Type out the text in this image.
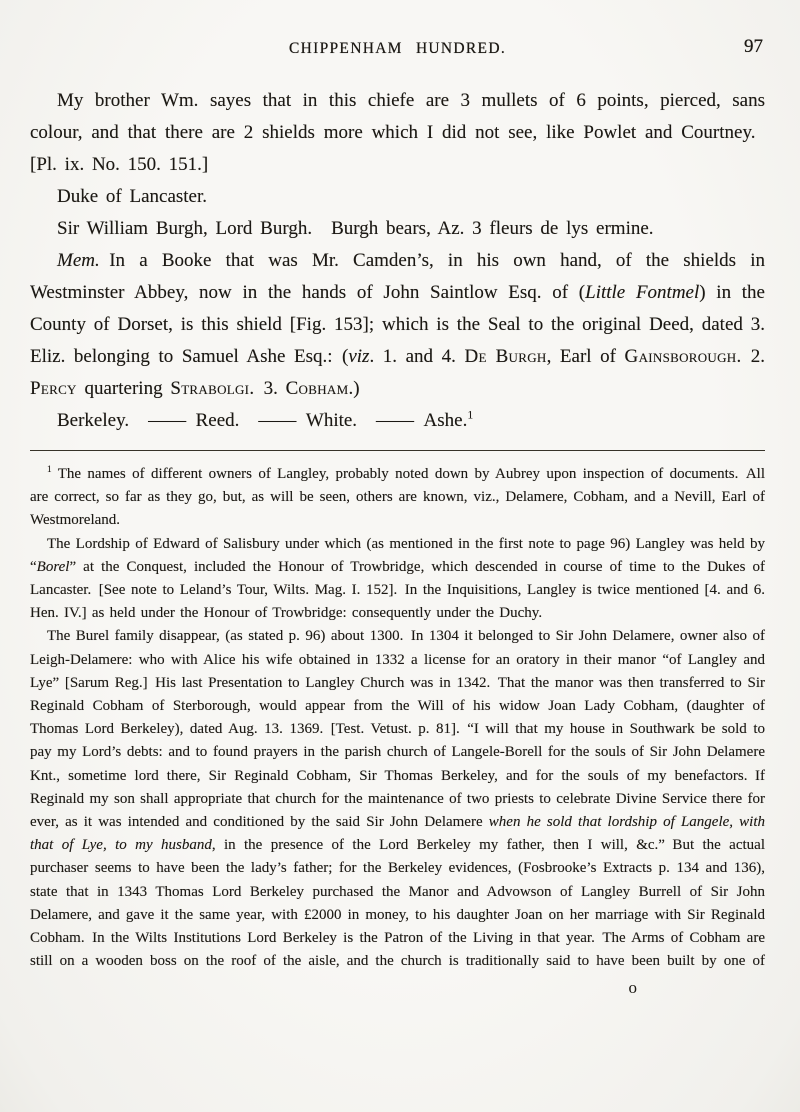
CHIPPENHAM HUNDRED.	97

My brother Wm. sayes that in this chiefe are 3 mullets of 6 points, pierced, sans colour, and that there are 2 shields more which I did not see, like Powlet and Courtney. [Pl. ix. No. 150. 151.]

Duke of Lancaster.

Sir William Burgh, Lord Burgh. Burgh bears, Az. 3 fleurs de lys ermine.

Mem. In a Booke that was Mr. Camden’s, in his own hand, of the shields in Westminster Abbey, now in the hands of John Saintlow Esq. of (Little Fontmel) in the County of Dorset, is this shield [Fig. 153]; which is the Seal to the original Deed, dated 3. Eliz. belonging to Samuel Ashe Esq.: (viz. 1. and 4. De Burgh, Earl of Gainsborough. 2. Percy quartering Strabolgi. 3. Cobham.)

Berkeley. —— Reed. —— White. —— Ashe.$^1$

$^1$ The names of different owners of Langley, probably noted down by Aubrey upon inspection of documents. All are correct, so far as they go, but, as will be seen, others are known, viz., Delamere, Cobham, and a Nevill, Earl of Westmoreland.

The Lordship of Edward of Salisbury under which (as mentioned in the first note to page 96) Langley was held by “Borel” at the Conquest, included the Honour of Trowbridge, which descended in course of time to the Dukes of Lancaster. [See note to Leland’s Tour, Wilts. Mag. I. 152]. In the Inquisitions, Langley is twice mentioned [4. and 6. Hen. IV.] as held under the Honour of Trowbridge: consequently under the Duchy.

The Burel family disappear, (as stated p. 96) about 1300. In 1304 it belonged to Sir John Delamere, owner also of Leigh-Delamere: who with Alice his wife obtained in 1332 a license for an oratory in their manor “of Langley and Lye” [Sarum Reg.] His last Presentation to Langley Church was in 1342. That the manor was then transferred to Sir Reginald Cobham of Sterborough, would appear from the Will of his widow Joan Lady Cobham, (daughter of Thomas Lord Berkeley), dated Aug. 13. 1369. [Test. Vetust. p. 81]. “I will that my house in Southwark be sold to pay my Lord’s debts: and to found prayers in the parish church of Langele-Borell for the souls of Sir John Delamere Knt., sometime lord there, Sir Reginald Cobham, Sir Thomas Berkeley, and for the souls of my benefactors. If Reginald my son shall appropriate that church for the maintenance of two priests to celebrate Divine Service there for ever, as it was intended and conditioned by the said Sir John Delamere when he sold that lordship of Langele, with that of Lye, to my husband, in the presence of the Lord Berkeley my father, then I will, &c.” But the actual purchaser seems to have been the lady’s father; for the Berkeley evidences, (Fosbrooke’s Extracts p. 134 and 136), state that in 1343 Thomas Lord Berkeley purchased the Manor and Advowson of Langley Burrell of Sir John Delamere, and gave it the same year, with £2000 in money, to his daughter Joan on her marriage with Sir Reginald Cobham. In the Wilts Institutions Lord Berkeley is the Patron of the Living in that year. The Arms of Cobham are still on a wooden boss on the roof of the aisle, and the church is traditionally said to have been built by one of

o
